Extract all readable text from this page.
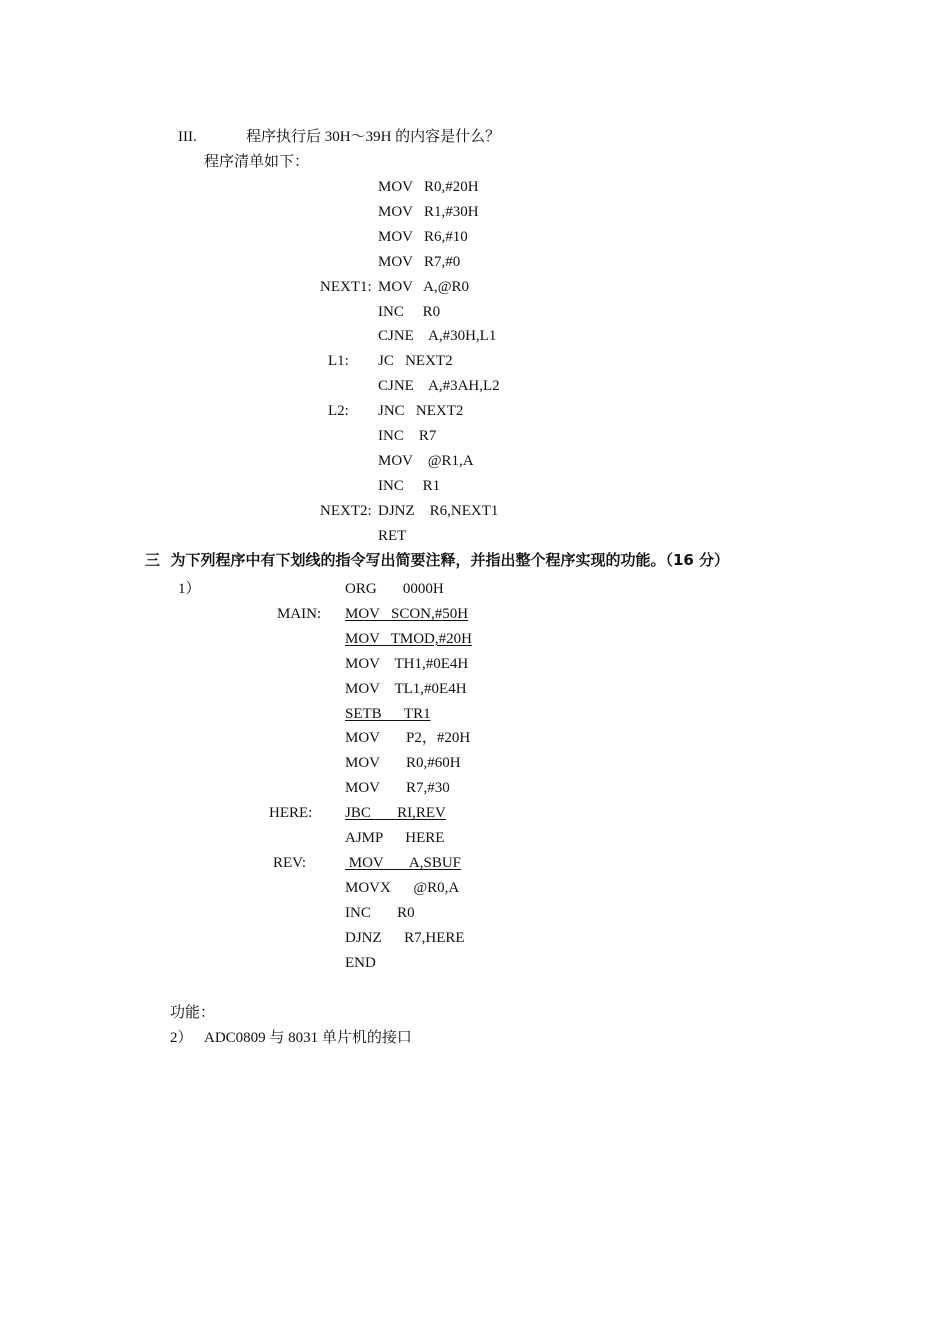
III.	程序执行后 30H～39H 的内容是什么？
程序清单如下：
MOV   R0,#20H
MOV   R1,#30H
MOV   R6,#10
MOV   R7,#0
NEXT1: MOV   A,@R0
INC     R0
CJNE    A,#30H,L1
L1: JC   NEXT2
CJNE    A,#3AH,L2
L2: JNC   NEXT2
INC    R7
MOV    @R1,A
INC     R1
NEXT2: DJNZ    R6,NEXT1
RET
三  为下列程序中有下划线的指令写出简要注释，并指出整个程序实现的功能。（16 分）
1）	ORG       0000H
MAIN: MOV   SCON,#50H
MOV   TMOD,#20H
MOV    TH1,#0E4H
MOV    TL1,#0E4H
SETB      TR1
MOV       P2，#20H
MOV       R0,#60H
MOV       R7,#30
HERE: JBC       RI,REV
AJMP      HERE
REV:	MOV       A,SBUF
MOVX      @R0,A
INC       R0
DJNZ      R7,HERE
END
功能：
2） ADC0809 与 8031 单片机的接口
